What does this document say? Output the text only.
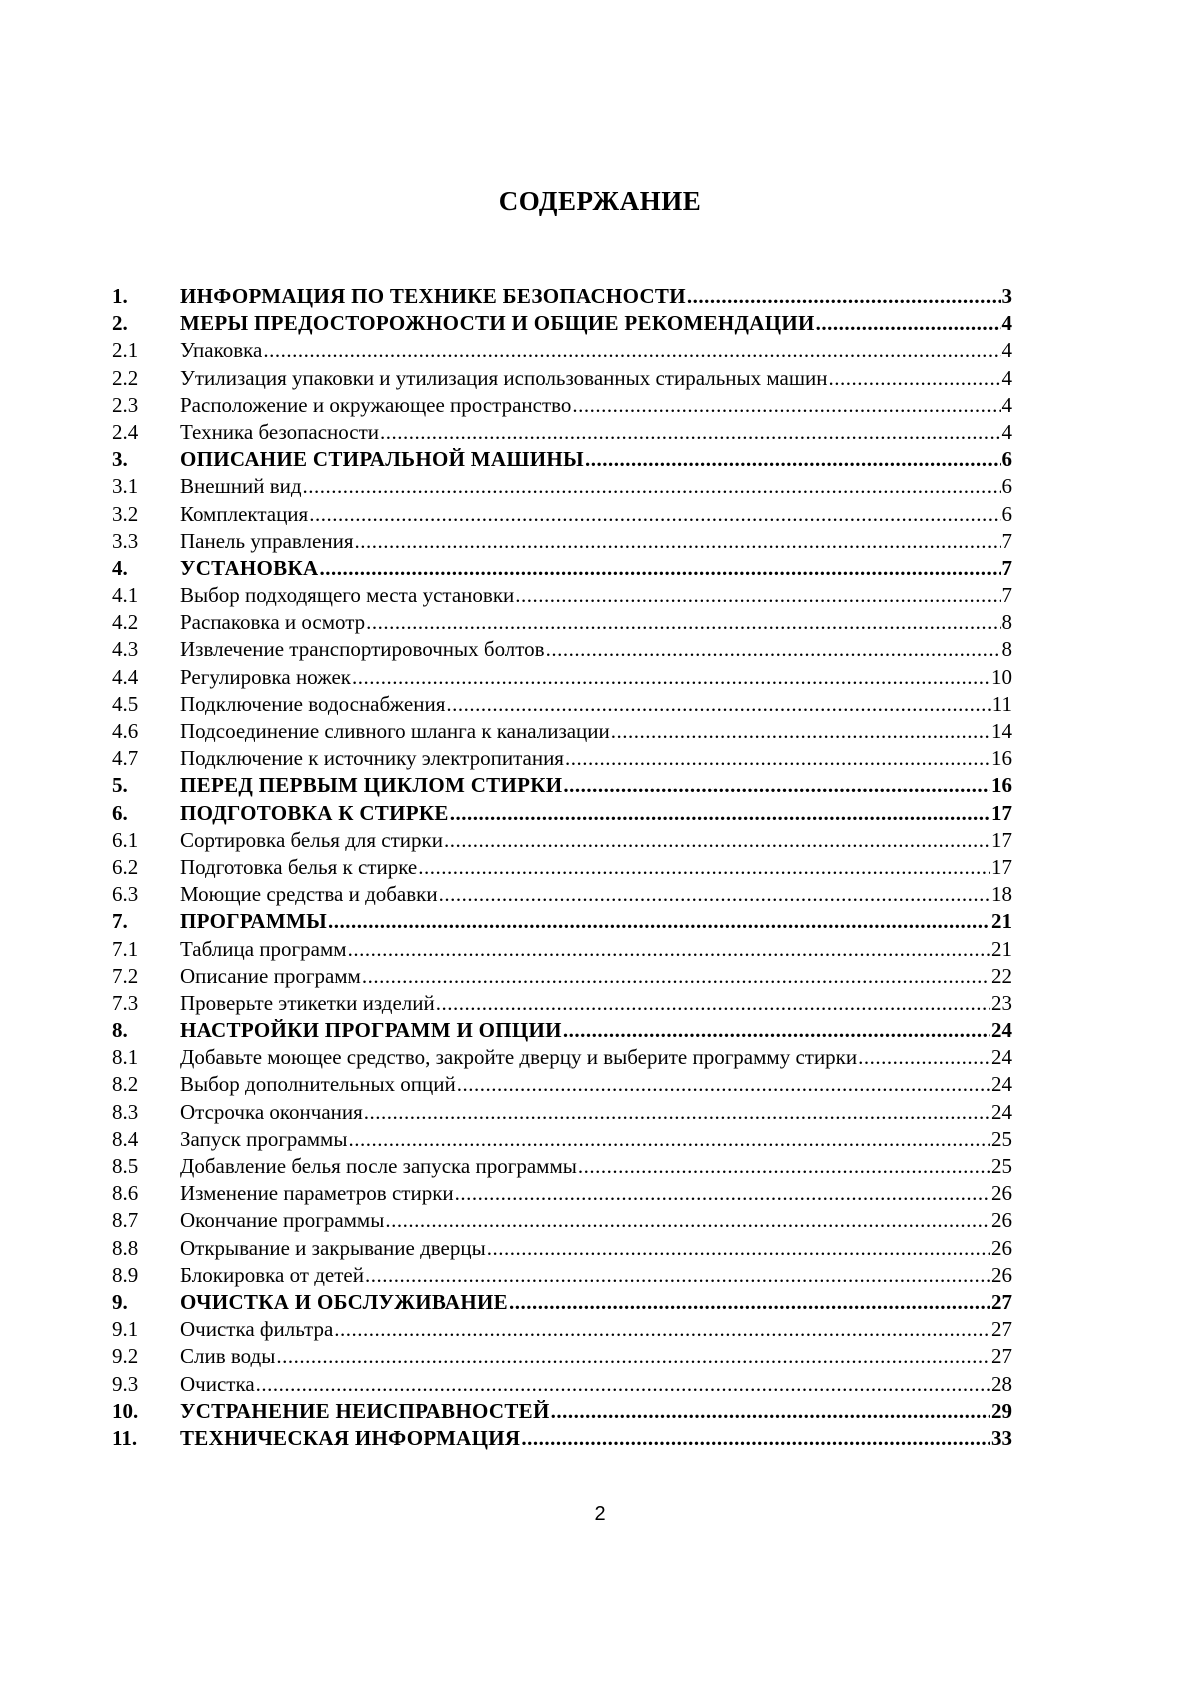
СОДЕРЖАНИЕ
1.	ИНФОРМАЦИЯ ПО ТЕХНИКЕ БЕЗОПАСНОСТИ .....	3
2.	МЕРЫ ПРЕДОСТОРОЖНОСТИ И ОБЩИЕ РЕКОМЕНДАЦИИ .....	4
2.1	Упаковка .....	4
2.2	Утилизация упаковки и утилизация использованных стиральных машин .....	4
2.3	Расположение и окружающее пространство .....	4
2.4	Техника безопасности .....	4
3.	ОПИСАНИЕ СТИРАЛЬНОЙ МАШИНЫ .....	6
3.1	Внешний вид .....	6
3.2	Комплектация .....	6
3.3	Панель управления .....	7
4.	УСТАНОВКА .....	7
4.1	Выбор подходящего места установки .....	7
4.2	Распаковка и осмотр .....	8
4.3	Извлечение транспортировочных болтов .....	8
4.4	Регулировка ножек .....	10
4.5	Подключение водоснабжения .....	11
4.6	Подсоединение сливного шланга к канализации .....	14
4.7	Подключение к источнику электропитания .....	16
5.	ПЕРЕД ПЕРВЫМ ЦИКЛОМ СТИРКИ .....	16
6.	ПОДГОТОВКА К СТИРКЕ .....	17
6.1	Сортировка белья для стирки .....	17
6.2	Подготовка белья к стирке .....	17
6.3	Моющие средства и добавки .....	18
7.	ПРОГРАММЫ .....	21
7.1	Таблица программ .....	21
7.2	Описание программ .....	22
7.3	Проверьте этикетки изделий .....	23
8.	НАСТРОЙКИ ПРОГРАММ И ОПЦИИ .....	24
8.1	Добавьте моющее средство, закройте дверцу и выберите программу стирки .....	24
8.2	Выбор дополнительных опций .....	24
8.3	Отсрочка окончания .....	24
8.4	Запуск программы .....	25
8.5	Добавление белья после запуска программы .....	25
8.6	Изменение параметров стирки .....	26
8.7	Окончание программы .....	26
8.8	Открывание и закрывание дверцы .....	26
8.9	Блокировка от детей .....	26
9.	ОЧИСТКА И ОБСЛУЖИВАНИЕ .....	27
9.1	Очистка фильтра .....	27
9.2	Слив воды .....	27
9.3	Очистка .....	28
10.	УСТРАНЕНИЕ НЕИСПРАВНОСТЕЙ .....	29
11.	ТЕХНИЧЕСКАЯ ИНФОРМАЦИЯ .....	33
2
